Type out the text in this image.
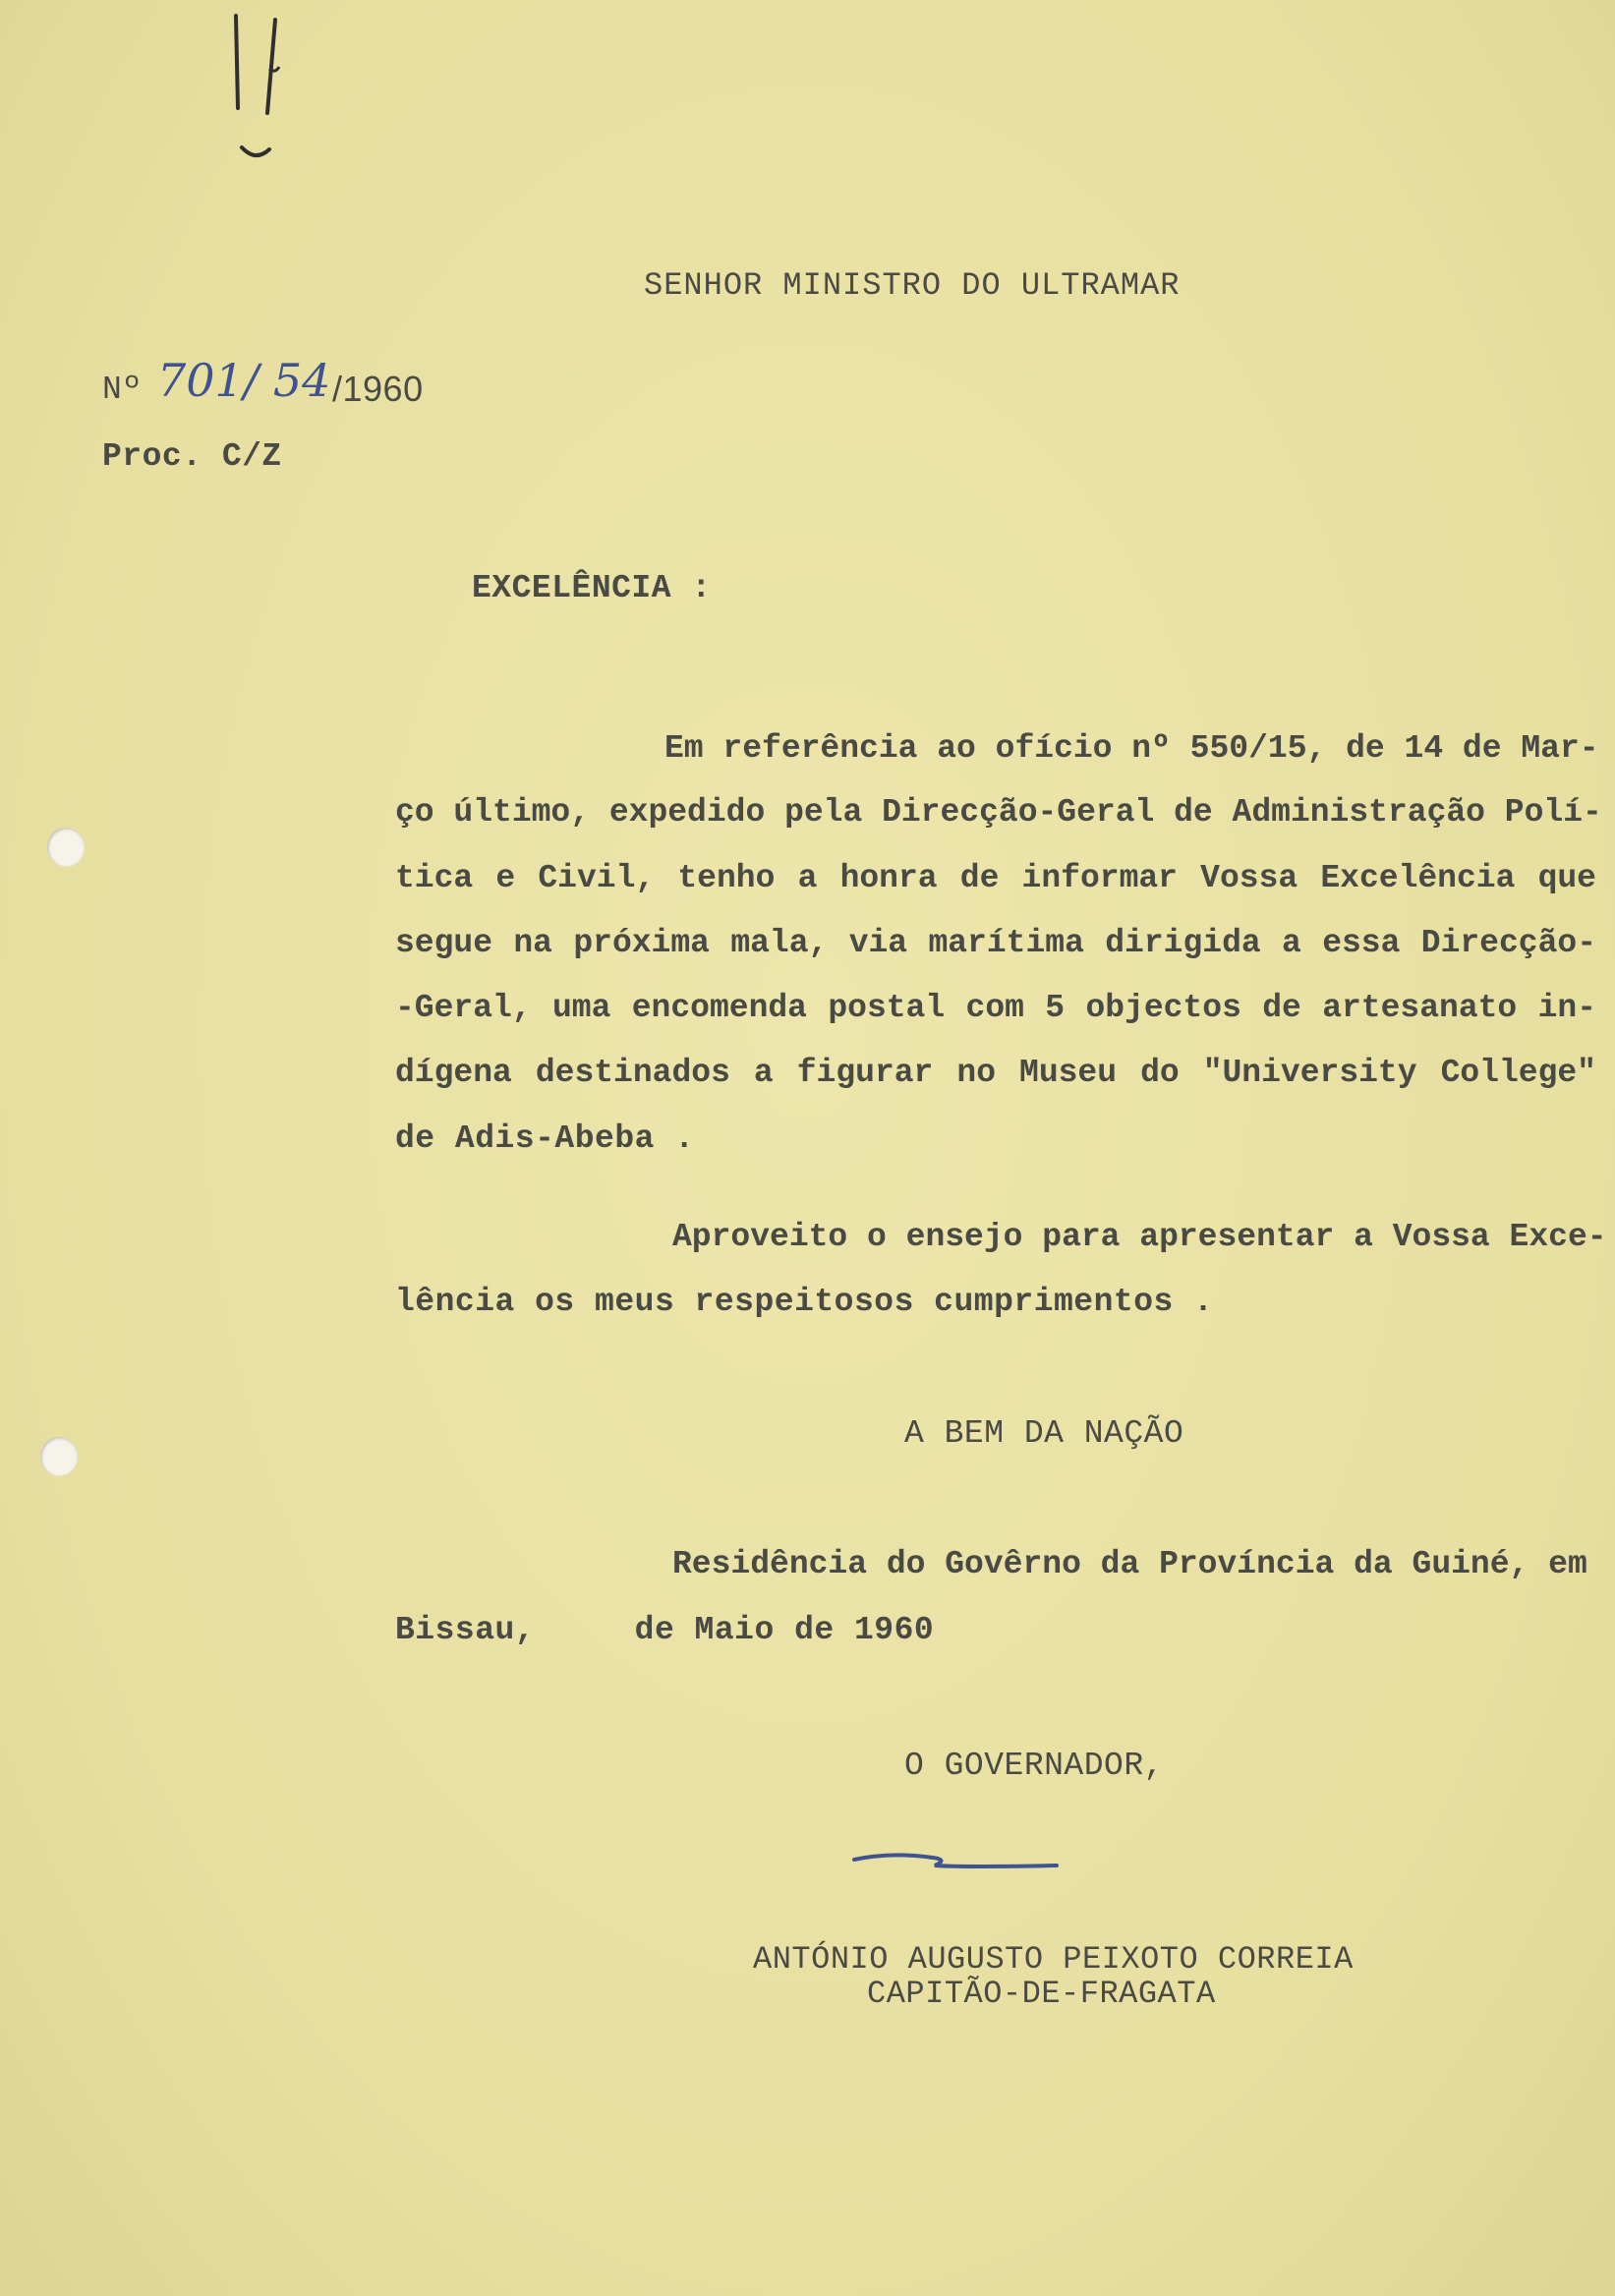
SENHOR MINISTRO DO ULTRAMAR
Nº 701/ 54 /1960
Proc. C/Z
EXCELÊNCIA :
Em referência ao ofício nº 550/15, de 14 de Mar-
ço último, expedido pela Direcção-Geral de Administração Polí-
tica e Civil, tenho a honra de informar Vossa Excelência que
segue na próxima mala, via marítima dirigida a essa Direcção-
-Geral, uma encomenda postal com 5 objectos de artesanato in-
dígena destinados a figurar no Museu do "University College"
de Adis-Abeba .
Aproveito o ensejo para apresentar a Vossa Exce-
lência os meus respeitosos cumprimentos .
A BEM DA NAÇÃO
Residência do Govêrno da Província da Guiné, em
Bissau,     de Maio de 1960
O GOVERNADOR,
ANTÓNIO AUGUSTO PEIXOTO CORREIA
CAPITÃO-DE-FRAGATA
